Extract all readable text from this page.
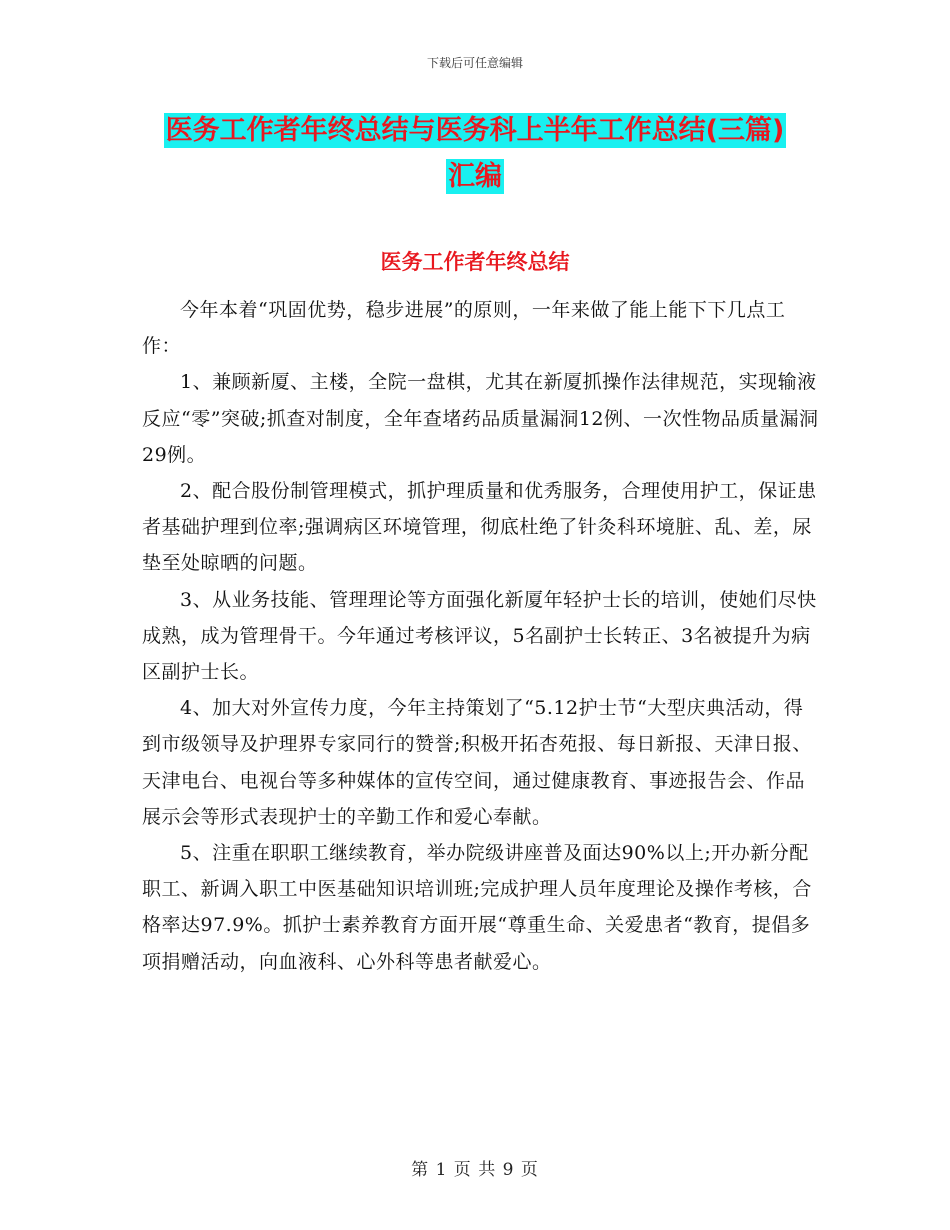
下载后可任意编辑
医务工作者年终总结与医务科上半年工作总结(三篇)
汇编
医务工作者年终总结

今年本着“巩固优势，稳步进展”的原则，一年来做了能上能下下几点工作：

1、兼顾新厦、主楼，全院一盘棋，尤其在新厦抓操作法律规范，实现输液反应“零”突破;抓查对制度，全年查堵药品质量漏洞12例、一次性物品质量漏洞29例。

2、配合股份制管理模式，抓护理质量和优秀服务，合理使用护工，保证患者基础护理到位率;强调病区环境管理，彻底杜绝了针灸科环境脏、乱、差，尿垫至处晾晒的问题。

3、从业务技能、管理理论等方面强化新厦年轻护士长的培训，使她们尽快成熟，成为管理骨干。今年通过考核评议，5名副护士长转正、3名被提升为病区副护士长。

4、加大对外宣传力度，今年主持策划了“5.12护士节“大型庆典活动，得到市级领导及护理界专家同行的赞誉;积极开拓杏苑报、每日新报、天津日报、天津电台、电视台等多种媒体的宣传空间，通过健康教育、事迹报告会、作品展示会等形式表现护士的辛勤工作和爱心奉献。

5、注重在职职工继续教育，举办院级讲座普及面达90%以上;开办新分配职工、新调入职工中医基础知识培训班;完成护理人员年度理论及操作考核，合格率达97.9%。抓护士素养教育方面开展“尊重生命、关爱患者“教育，提倡多项捐赠活动，向血液科、心外科等患者献爱心。

第 1 页 共 9 页
